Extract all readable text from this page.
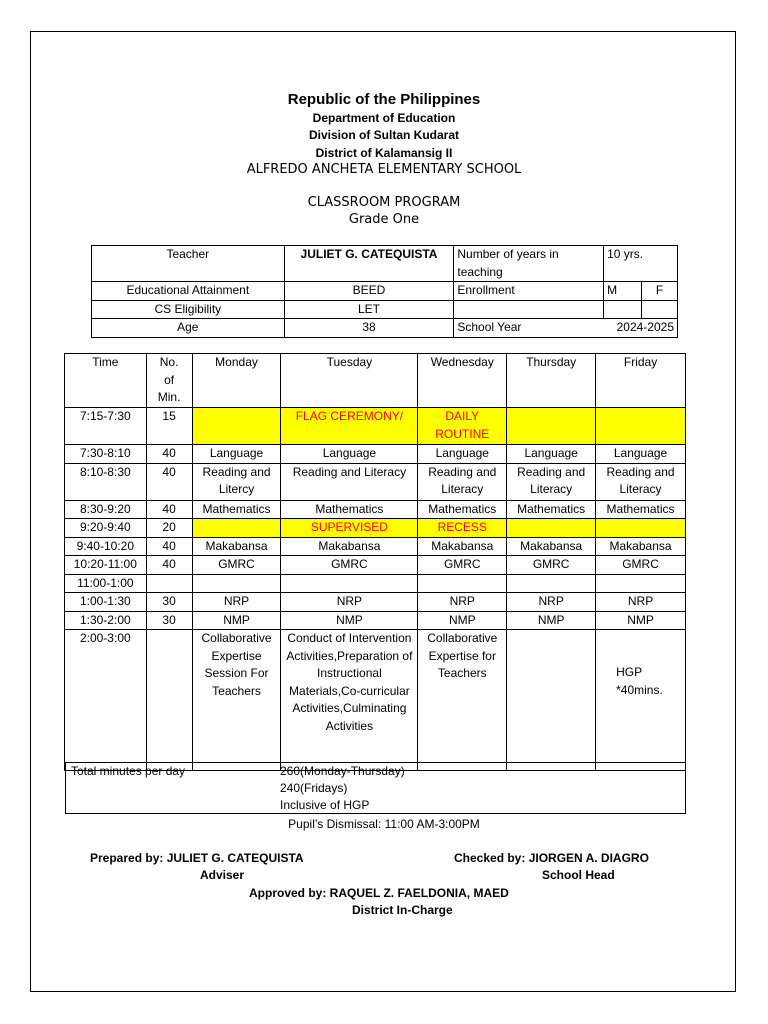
Republic of the Philippines
Department of Education
Division of Sultan Kudarat
District of Kalamansig II
ALFREDO ANCHETA ELEMENTARY SCHOOL
CLASSROOM PROGRAM
Grade One
Teacher	JULIET G. CATEQUISTA	Number of years in teaching	10 yrs.	
Educational Attainment	BEED	Enrollment	M	F
CS Eligibility	LET			
Age	38	School Year	2024-2025	
Time	No. of Min.	Monday	Tuesday	Wednesday	Thursday	Friday
7:15-7:30	15		FLAG CEREMONY/	DAILY ROUTINE		
7:30-8:10	40	Language	Language	Language	Language	Language
8:10-8:30	40	Reading and Litercy	Reading and Literacy	Reading and Literacy	Reading and Literacy	Reading and Literacy
8:30-9:20	40	Mathematics	Mathematics	Mathematics	Mathematics	Mathematics
9:20-9:40	20		SUPERVISED	RECESS		
9:40-10:20	40	Makabansa	Makabansa	Makabansa	Makabansa	Makabansa
10:20-11:00	40	GMRC	GMRC	GMRC	GMRC	GMRC
11:00-1:00						
1:00-1:30	30	NRP	NRP	NRP	NRP	NRP
1:30-2:00	30	NMP	NMP	NMP	NMP	NMP
2:00-3:00		Collaborative Expertise Session For Teachers	Conduct of Intervention Activities,Preparation of Instructional Materials,Co-curricular Activities,Culminating Activities	Collaborative Expertise for Teachers		HGP *40mins.
Total minutes per day	260(Monday-Thursday)
240(Fridays)
Inclusive of HGP
Pupil’s Dismissal: 11:00 AM-3:00PM
Prepared by: JULIET G. CATEQUISTA
Adviser
Checked by: JIORGEN A. DIAGRO
School Head
Approved by: RAQUEL Z. FAELDONIA, MAED
District In-Charge
